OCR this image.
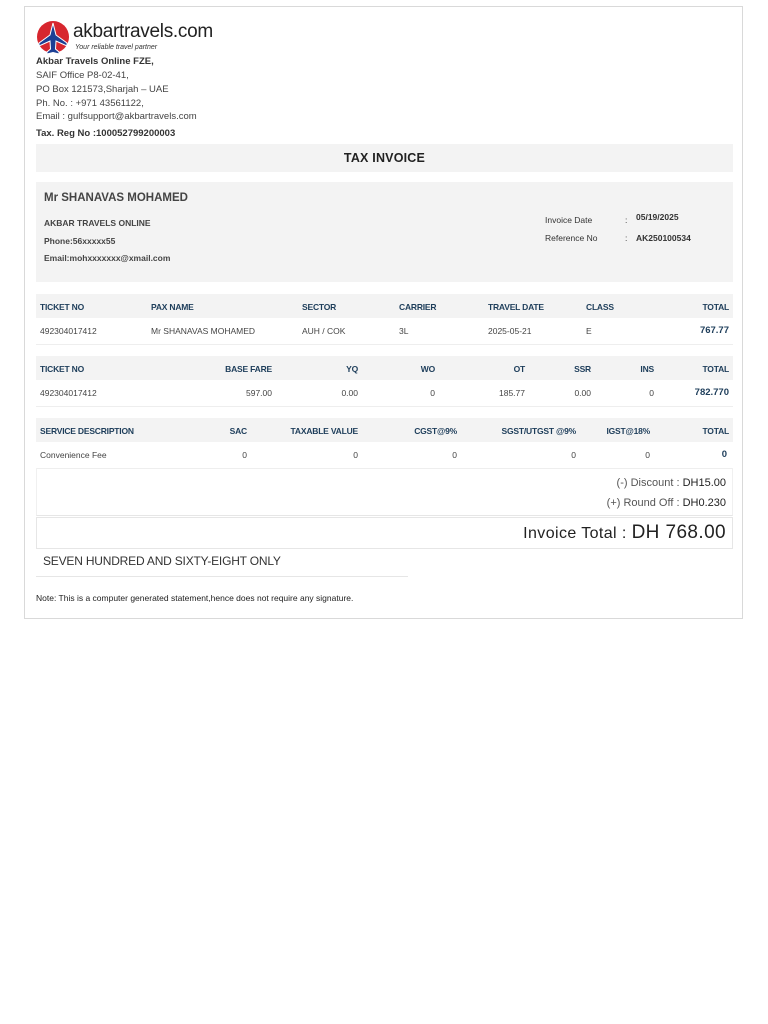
akbartravels.com
Your reliable travel partner
Akbar Travels Online FZE,
SAIF Office P8-02-41,
PO Box 121573,Sharjah – UAE
Ph. No. : +971 43561122,
Email : gulfsupport@akbartravels.com
Tax. Reg No :100052799200003
TAX INVOICE
Mr SHANAVAS MOHAMED
AKBAR TRAVELS ONLINE
Phone:56xxxxx55
Email:mohxxxxxxx@xmail.com
Invoice Date	: 05/19/2025
Reference No	: AK250100534
TICKET NO	PAX NAME	SECTOR	CARRIER	TRAVEL DATE	CLASS	TOTAL
492304017412	Mr SHANAVAS MOHAMED	AUH / COK	3L	2025-05-21	E	767.77
TICKET NO	BASE FARE	YQ	WO	OT	SSR	INS	TOTAL
492304017412	597.00	0.00	0	185.77	0.00	0	782.770
SERVICE DESCRIPTION	SAC	TAXABLE VALUE	CGST@9%	SGST/UTGST @9%	IGST@18%	TOTAL
Convenience Fee	0	0	0	0	0	0
(-) Discount : DH15.00
(+) Round Off : DH0.230
Invoice Total : DH 768.00
SEVEN HUNDRED AND SIXTY-EIGHT ONLY
Note: This is a computer generated statement,hence does not require any signature.
